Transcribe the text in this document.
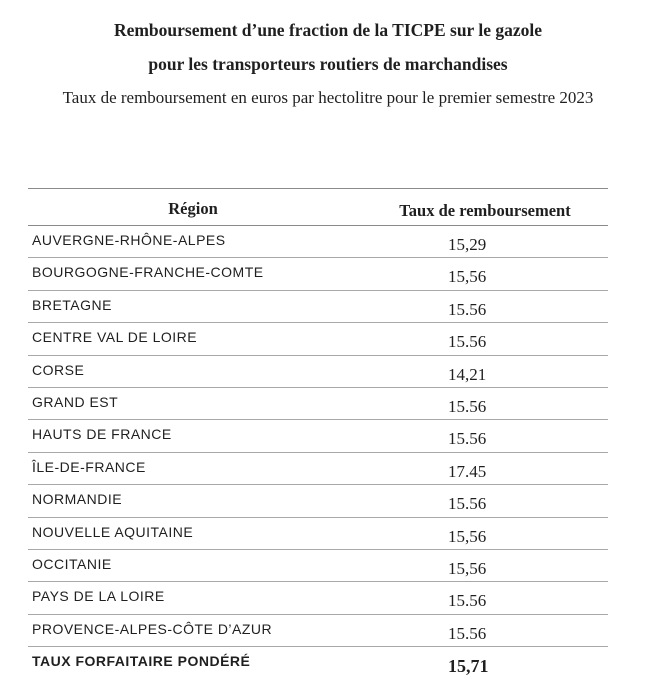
Remboursement d’une fraction de la TICPE sur le gazole
pour les transporteurs routiers de marchandises
Taux de remboursement en euros par hectolitre pour le premier semestre 2023
Région	Taux de remboursement
AUVERGNE-RHÔNE-ALPES	15,29
BOURGOGNE-FRANCHE-COMTE	15,56
BRETAGNE	15.56
CENTRE VAL DE LOIRE	15.56
CORSE	14,21
GRAND EST	15.56
HAUTS DE FRANCE	15.56
ÎLE-DE-FRANCE	17.45
NORMANDIE	15.56
NOUVELLE AQUITAINE	15,56
OCCITANIE	15,56
PAYS DE LA LOIRE	15.56
PROVENCE-ALPES-CÔTE D’AZUR	15.56
TAUX FORFAITAIRE PONDÉRÉ	15,71
